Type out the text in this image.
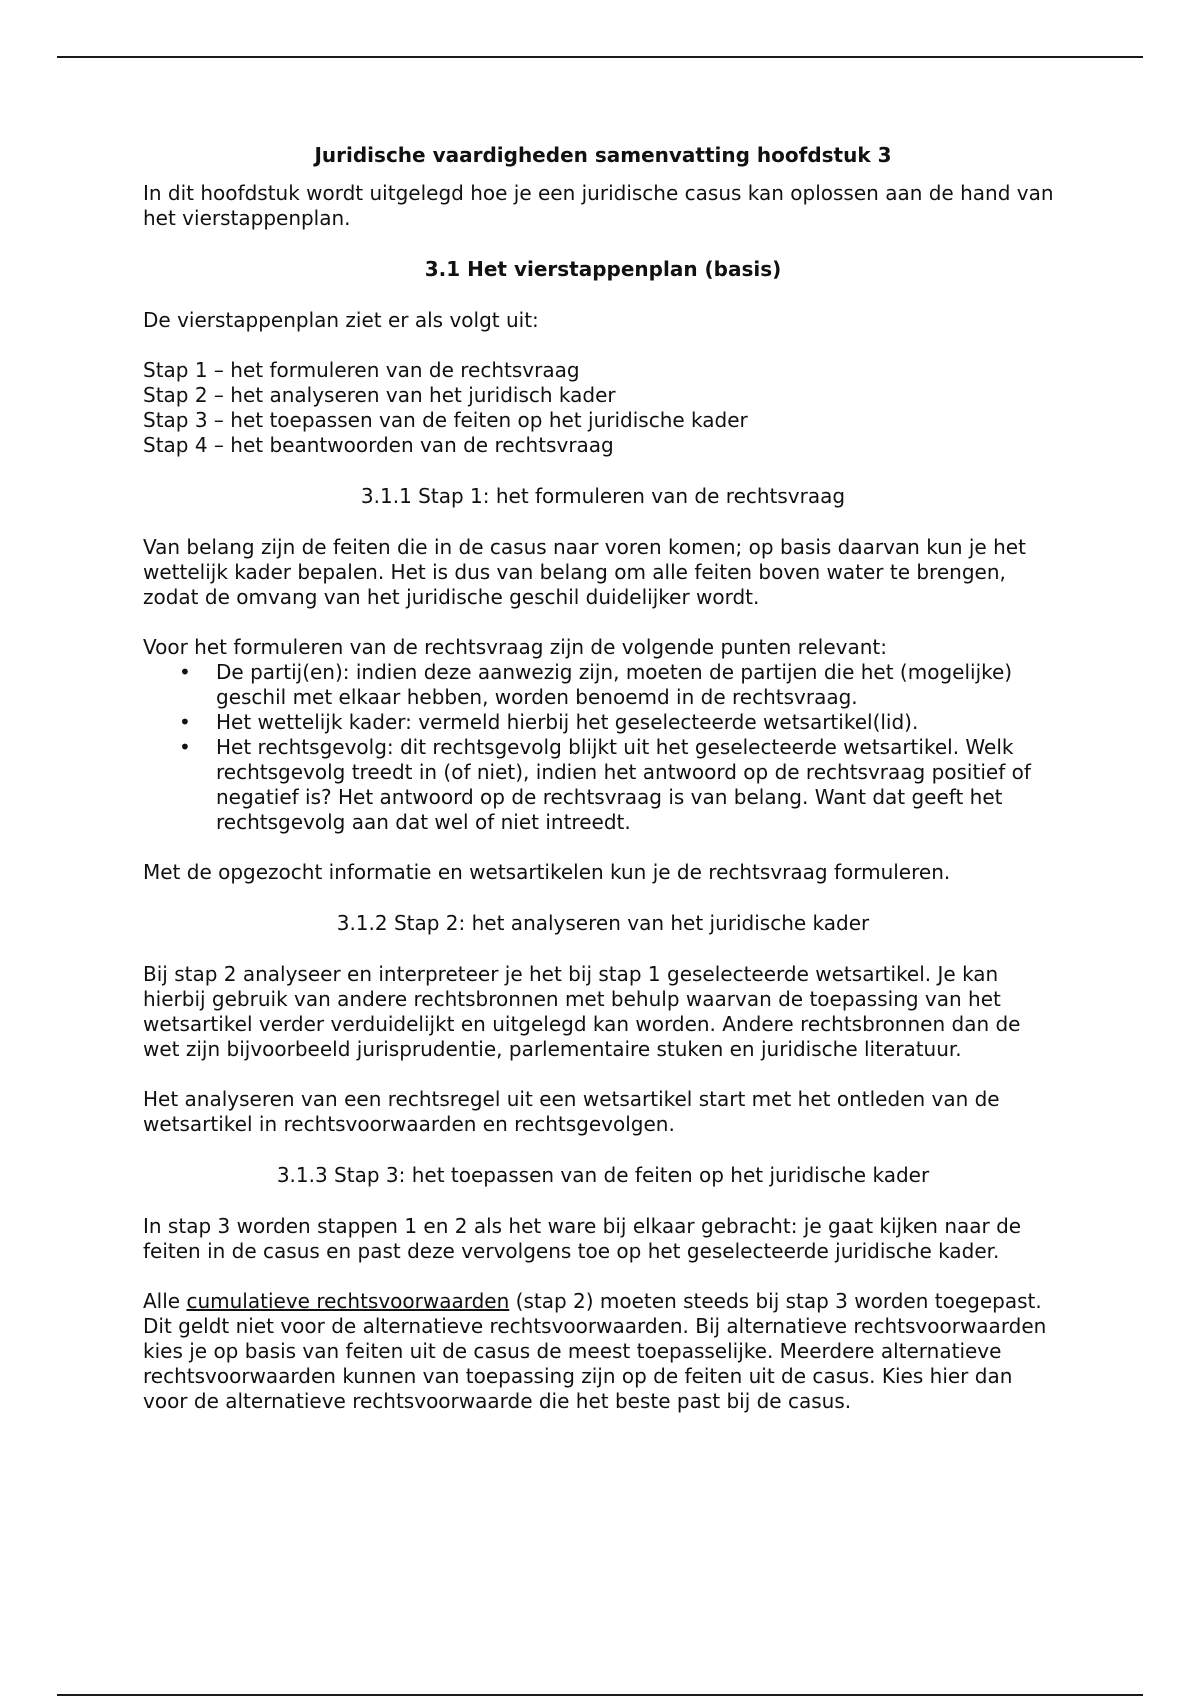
Juridische vaardigheden samenvatting hoofdstuk 3

In dit hoofdstuk wordt uitgelegd hoe je een juridische casus kan oplossen aan de hand van het vierstappenplan.

3.1 Het vierstappenplan (basis)

De vierstappenplan ziet er als volgt uit:

Stap 1 – het formuleren van de rechtsvraag

Stap 2 – het analyseren van het juridisch kader

Stap 3 – het toepassen van de feiten op het juridische kader

Stap 4 – het beantwoorden van de rechtsvraag

3.1.1 Stap 1: het formuleren van de rechtsvraag

Van belang zijn de feiten die in de casus naar voren komen; op basis daarvan kun je het wettelijk kader bepalen. Het is dus van belang om alle feiten boven water te brengen, zodat de omvang van het juridische geschil duidelijker wordt.

Voor het formuleren van de rechtsvraag zijn de volgende punten relevant:

• De partij(en): indien deze aanwezig zijn, moeten de partijen die het (mogelijke) geschil met elkaar hebben, worden benoemd in de rechtsvraag.
• Het wettelijk kader: vermeld hierbij het geselecteerde wetsartikel(lid).
• Het rechtsgevolg: dit rechtsgevolg blijkt uit het geselecteerde wetsartikel. Welk rechtsgevolg treedt in (of niet), indien het antwoord op de rechtsvraag positief of negatief is? Het antwoord op de rechtsvraag is van belang. Want dat geeft het rechtsgevolg aan dat wel of niet intreedt.

Met de opgezocht informatie en wetsartikelen kun je de rechtsvraag formuleren.

3.1.2 Stap 2: het analyseren van het juridische kader

Bij stap 2 analyseer en interpreteer je het bij stap 1 geselecteerde wetsartikel. Je kan hierbij gebruik van andere rechtsbronnen met behulp waarvan de toepassing van het wetsartikel verder verduidelijkt en uitgelegd kan worden. Andere rechtsbronnen dan de wet zijn bijvoorbeeld jurisprudentie, parlementaire stuken en juridische literatuur.

Het analyseren van een rechtsregel uit een wetsartikel start met het ontleden van de wetsartikel in rechtsvoorwaarden en rechtsgevolgen.

3.1.3 Stap 3: het toepassen van de feiten op het juridische kader

In stap 3 worden stappen 1 en 2 als het ware bij elkaar gebracht: je gaat kijken naar de feiten in de casus en past deze vervolgens toe op het geselecteerde juridische kader.

Alle cumulatieve rechtsvoorwaarden (stap 2) moeten steeds bij stap 3 worden toegepast. Dit geldt niet voor de alternatieve rechtsvoorwaarden. Bij alternatieve rechtsvoorwaarden kies je op basis van feiten uit de casus de meest toepasselijke. Meerdere alternatieve rechtsvoorwaarden kunnen van toepassing zijn op de feiten uit de casus. Kies hier dan voor de alternatieve rechtsvoorwaarde die het beste past bij de casus.
